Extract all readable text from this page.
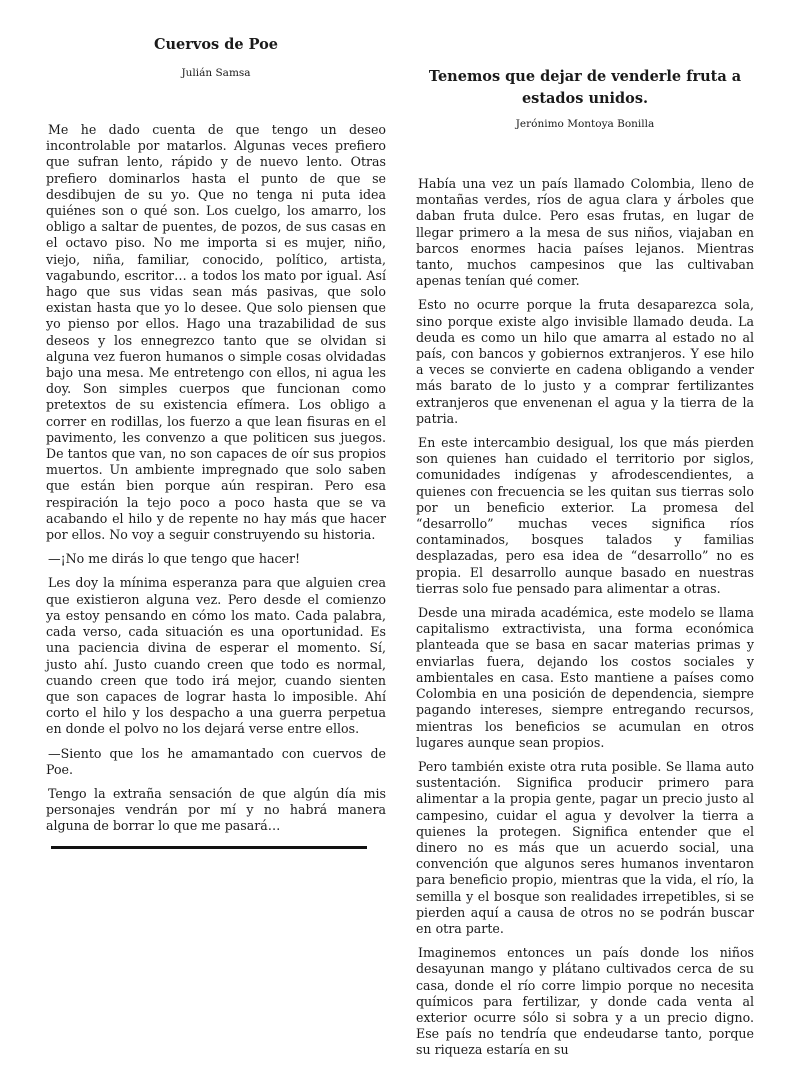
Cuervos de Poe
Julián Samsa

Me he dado cuenta de que tengo un deseo incontrolable por matarlos. Algunas veces prefiero que sufran lento, rápido y de nuevo lento. Otras prefiero dominarlos hasta el punto de que se desdibujen de su yo. Que no tenga ni puta idea quiénes son o qué son. Los cuelgo, los amarro, los obligo a saltar de puentes, de pozos, de sus casas en el octavo piso. No me importa si es mujer, niño, viejo, niña, familiar, conocido, político, artista, vagabundo, escritor… a todos los mato por igual. Así hago que sus vidas sean más pasivas, que solo existan hasta que yo lo desee. Que solo piensen que yo pienso por ellos. Hago una trazabilidad de sus deseos y los ennegrezco tanto que se olvidan si alguna vez fueron humanos o simple cosas olvidadas bajo una mesa. Me entretengo con ellos, ni agua les doy. Son simples cuerpos que funcionan como pretextos de su existencia efímera. Los obligo a correr en rodillas, los fuerzo a que lean fisuras en el pavimento, les convenzo a que politicen sus juegos. De tantos que van, no son capaces de oír sus propios muertos. Un ambiente impregnado que solo saben que están bien porque aún respiran. Pero esa respiración la tejo poco a poco hasta que se va acabando el hilo y de repente no hay más que hacer por ellos. No voy a seguir construyendo su historia.

—¡No me dirás lo que tengo que hacer!

Les doy la mínima esperanza para que alguien crea que existieron alguna vez. Pero desde el comienzo ya estoy pensando en cómo los mato. Cada palabra, cada verso, cada situación es una oportunidad. Es una paciencia divina de esperar el momento. Sí, justo ahí. Justo cuando creen que todo es normal, cuando creen que todo irá mejor, cuando sienten que son capaces de lograr hasta lo imposible. Ahí corto el hilo y los despacho a una guerra perpetua en donde el polvo no los dejará verse entre ellos.

—Siento que los he amamantado con cuervos de Poe.

Tengo la extraña sensación de que algún día mis personajes vendrán por mí y no habrá manera alguna de borrar lo que me pasará…

Tenemos que dejar de venderle fruta a estados unidos.
Jerónimo Montoya Bonilla

Había una vez un país llamado Colombia, lleno de montañas verdes, ríos de agua clara y árboles que daban fruta dulce. Pero esas frutas, en lugar de llegar primero a la mesa de sus niños, viajaban en barcos enormes hacia países lejanos. Mientras tanto, muchos campesinos que las cultivaban apenas tenían qué comer.

Esto no ocurre porque la fruta desaparezca sola, sino porque existe algo invisible llamado deuda. La deuda es como un hilo que amarra al estado no al país, con bancos y gobiernos extranjeros. Y ese hilo a veces se convierte en cadena obligando a vender más barato de lo justo y a comprar fertilizantes extranjeros que envenenan el agua y la tierra de la patria.

En este intercambio desigual, los que más pierden son quienes han cuidado el territorio por siglos, comunidades indígenas y afrodescendientes, a quienes con frecuencia se les quitan sus tierras solo por un beneficio exterior. La promesa del “desarrollo” muchas veces significa ríos contaminados, bosques talados y familias desplazadas, pero esa idea de “desarrollo” no es propia. El desarrollo aunque basado en nuestras tierras solo fue pensado para alimentar a otras.

Desde una mirada académica, este modelo se llama capitalismo extractivista, una forma económica planteada que se basa en sacar materias primas y enviarlas fuera, dejando los costos sociales y ambientales en casa. Esto mantiene a países como Colombia en una posición de dependencia, siempre pagando intereses, siempre entregando recursos, mientras los beneficios se acumulan en otros lugares aunque sean propios.

Pero también existe otra ruta posible. Se llama auto sustentación. Significa producir primero para alimentar a la propia gente, pagar un precio justo al campesino, cuidar el agua y devolver la tierra a quienes la protegen. Significa entender que el dinero no es más que un acuerdo social, una convención que algunos seres humanos inventaron para beneficio propio, mientras que la vida, el río, la semilla y el bosque son realidades irrepetibles, si se pierden aquí a causa de otros no se podrán buscar en otra parte.

Imaginemos entonces un país donde los niños desayunan mango y plátano cultivados cerca de su casa, donde el río corre limpio porque no necesita químicos para fertilizar, y donde cada venta al exterior ocurre sólo si sobra y a un precio digno. Ese país no tendría que endeudarse tanto, porque su riqueza estaría en su
